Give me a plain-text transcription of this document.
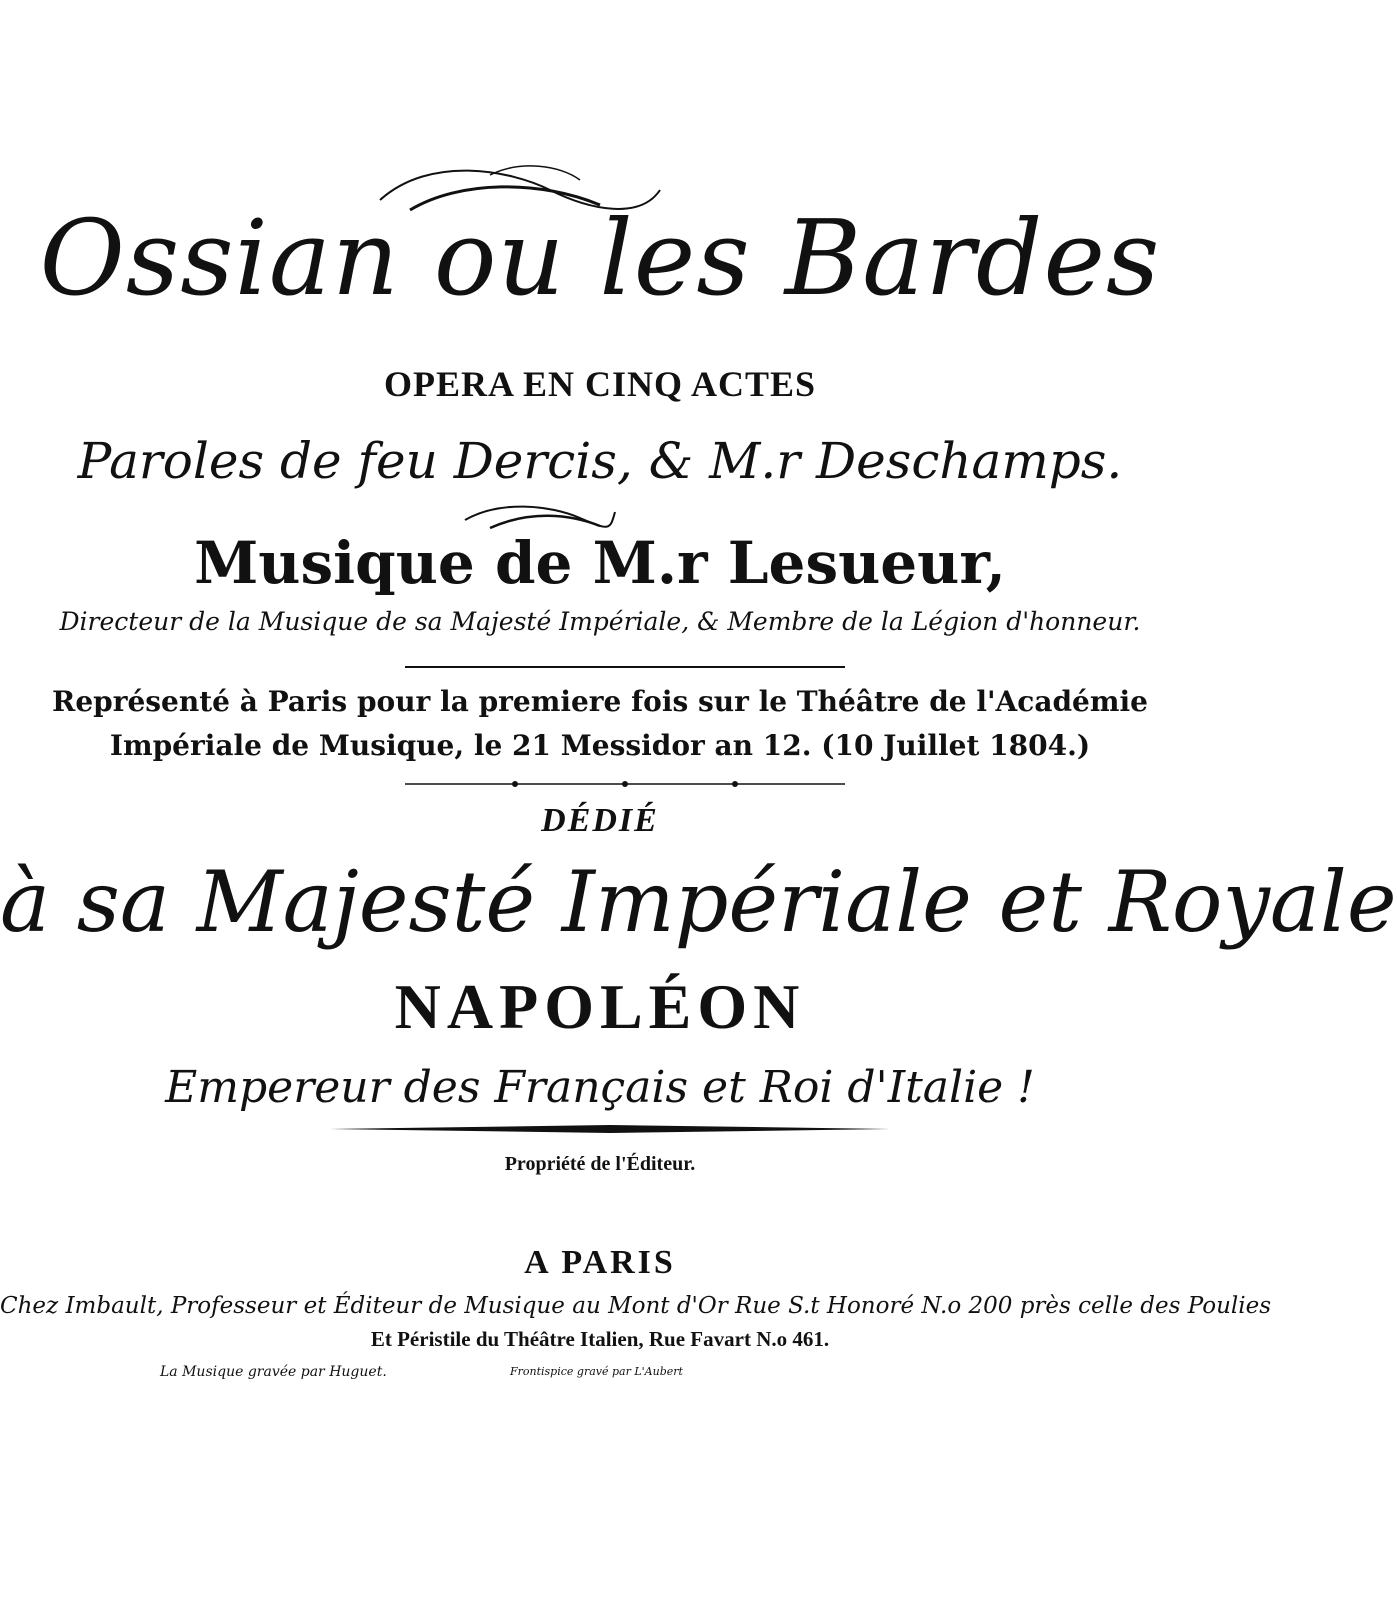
Ossian ou les Bardes
OPERA EN CINQ ACTES
Paroles de feu Dercis, & M.r Deschamps.
Musique de M.r Lesueur,
Directeur de la Musique de sa Majesté Impériale, & Membre de la Légion d'honneur.
Représenté à Paris pour la premiere fois sur le Théâtre de l'Académie
Impériale de Musique, le 21 Messidor an 12. (10 Juillet 1804.)
DÉDIÉ
à sa Majesté Impériale et Royale
NAPOLÉON
Empereur des Français et Roi d'Italie !
Propriété de l'Éditeur.
A PARIS
Chez Imbault, Professeur et Éditeur de Musique au Mont d'Or Rue S.t Honoré N.o 200 près celle des Poulies
Et Péristile du Théâtre Italien, Rue Favart N.o 461.
La Musique gravée par Huguet.	Frontispice gravé par L'Aubert
